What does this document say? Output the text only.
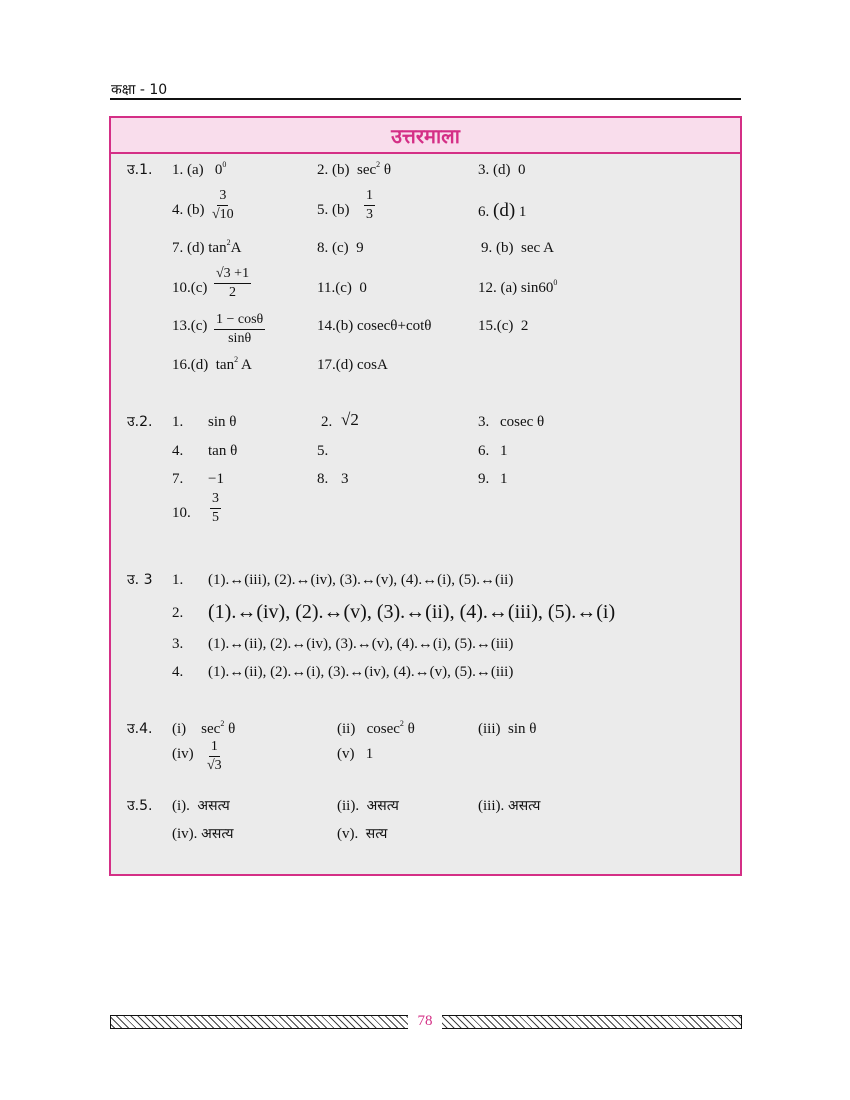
कक्षा - 10
उत्तरमाला
उ.1. 1. (a) $0^0$	2. (b) $\sec^2 \theta$	3. (d) 0
4. $(b) \frac{3}{√10}$	5. $(b) \frac{1}{3}$	6. (d) 1
7. (d) $\tan^2A$	8. (c) 9	9. (b) sec A
$10.(c) \frac{√3 +1}{2}$	11.(c) 0	12. (a) $\sin 60^0$
$13.(c) \frac{1 - \cos\theta}{\sin\theta}$	14.(b) cosecθ+cotθ	15.(c) 2
16.(d) $\tan^2 A$	17.(d) cosA
उ.2. 1. sin θ	2. √2	3. cosec θ
4. tan θ	5.	6. 1
7. −1	8. 3	9. 1
10. $\frac{3}{5}$
उ. 3 1. (1).↔(iii), (2).↔(iv), (3).↔(v), (4).↔(i), (5).↔(ii)
2. (1).↔(iv), (2).↔(v), (3).↔(ii), (4).↔(iii), (5).↔(i)
3. (1).↔(ii), (2).↔(iv), (3).↔(v), (4).↔(i), (5).↔(iii)
4. (1).↔(ii), (2).↔(i), (3).↔(iv), (4).↔(v), (5).↔(iii)
उ.4. (i) $\sec^2 \theta$	(ii) cosec$^2$ θ	(iii) sin θ
$(iv) \frac{1}{√3}$	(v) 1
उ.5. (i). असत्य	(ii). असत्य	(iii). असत्य
(iv). असत्य	(v). सत्य
78
